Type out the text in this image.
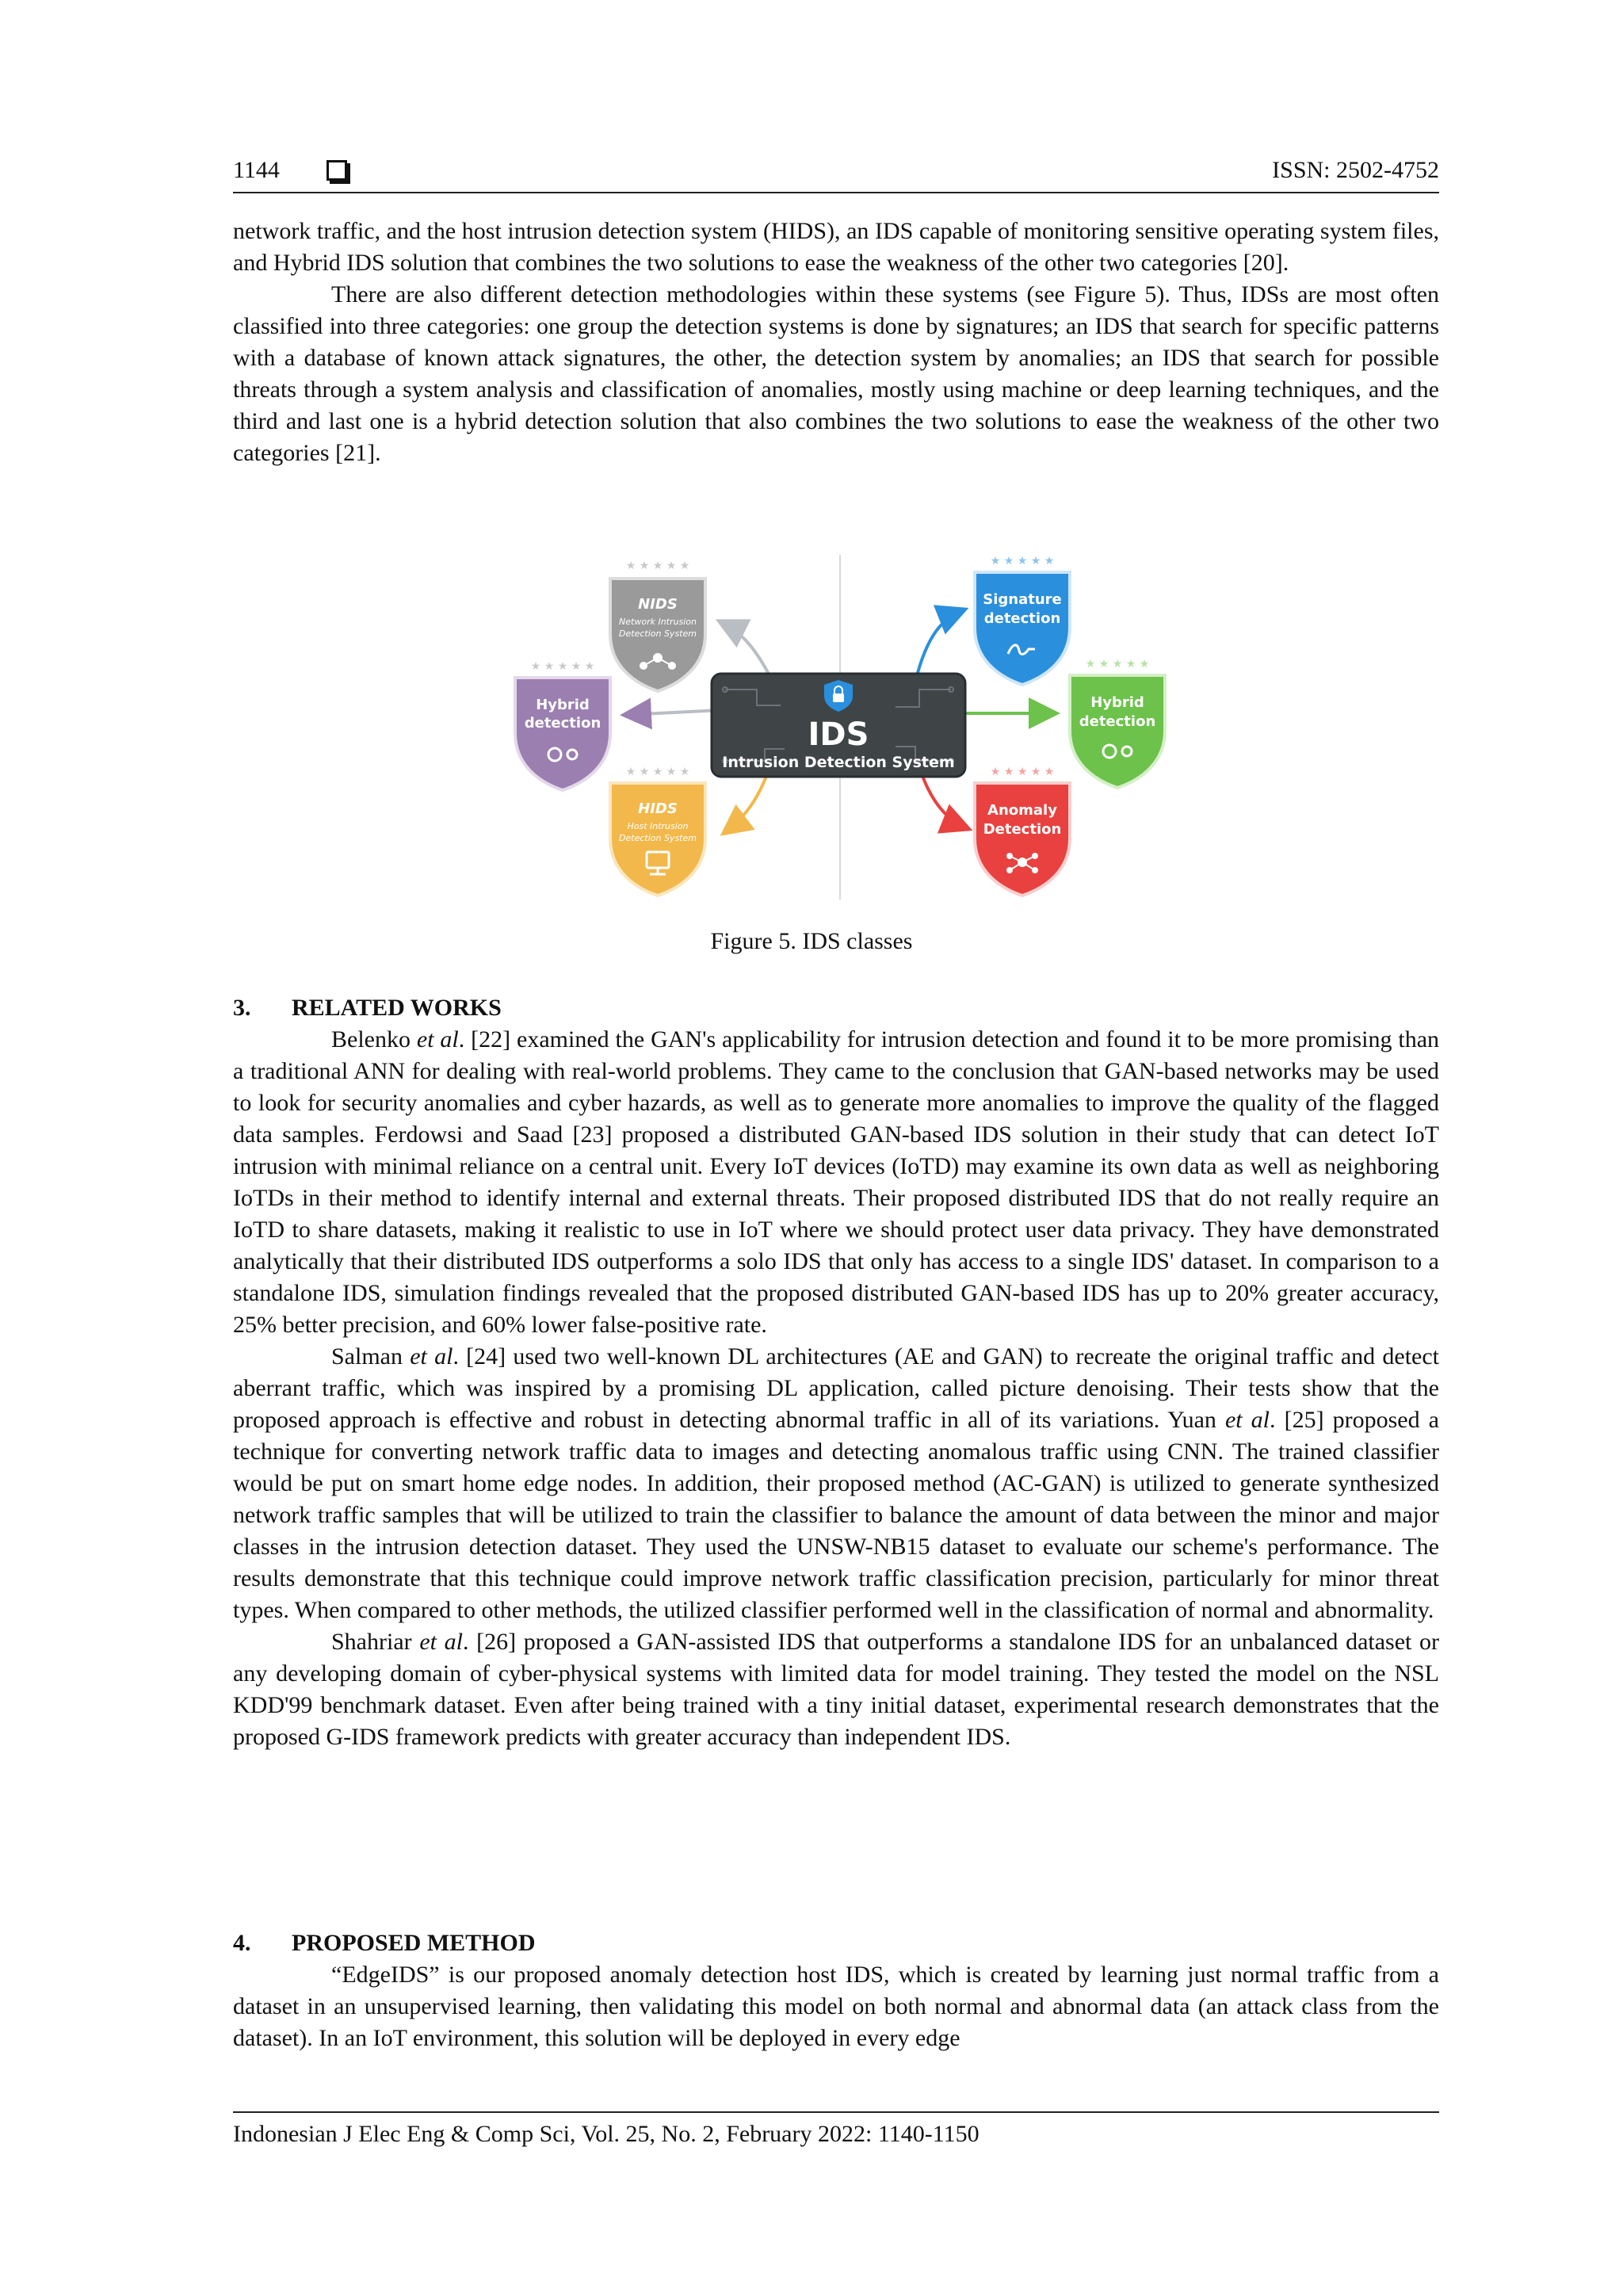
1144	ISSN: 2502-4752

network traffic, and the host intrusion detection system (HIDS), an IDS capable of monitoring sensitive operating system files, and Hybrid IDS solution that combines the two solutions to ease the weakness of the other two categories [20].

There are also different detection methodologies within these systems (see Figure 5). Thus, IDSs are most often classified into three categories: one group the detection systems is done by signatures; an IDS that search for specific patterns with a database of known attack signatures, the other, the detection system by anomalies; an IDS that search for possible threats through a system analysis and classification of anomalies, mostly using machine or deep learning techniques, and the third and last one is a hybrid detection solution that also combines the two solutions to ease the weakness of the other two categories [21].

IDS
Intrusion Detection System
★ ★ ★ ★ ★
NIDS
Network Intrusion
Detection System
★ ★ ★ ★ ★
Hybrid
detection
★ ★ ★ ★ ★
HIDS
Host Intrusion
Detection System
★ ★ ★ ★ ★
Signature
detection
★ ★ ★ ★ ★
Hybrid
detection
★ ★ ★ ★ ★
Anomaly
Detection
Figure 5. IDS classes
3. RELATED WORKS

Belenko et al. [22] examined the GAN's applicability for intrusion detection and found it to be more promising than a traditional ANN for dealing with real-world problems. They came to the conclusion that GAN-based networks may be used to look for security anomalies and cyber hazards, as well as to generate more anomalies to improve the quality of the flagged data samples. Ferdowsi and Saad [23] proposed a distributed GAN-based IDS solution in their study that can detect IoT intrusion with minimal reliance on a central unit. Every IoT devices (IoTD) may examine its own data as well as neighboring IoTDs in their method to identify internal and external threats. Their proposed distributed IDS that do not really require an IoTD to share datasets, making it realistic to use in IoT where we should protect user data privacy. They have demonstrated analytically that their distributed IDS outperforms a solo IDS that only has access to a single IDS' dataset. In comparison to a standalone IDS, simulation findings revealed that the proposed distributed GAN-based IDS has up to 20% greater accuracy, 25% better precision, and 60% lower false-positive rate.

Salman et al. [24] used two well-known DL architectures (AE and GAN) to recreate the original traffic and detect aberrant traffic, which was inspired by a promising DL application, called picture denoising. Their tests show that the proposed approach is effective and robust in detecting abnormal traffic in all of its variations. Yuan et al. [25] proposed a technique for converting network traffic data to images and detecting anomalous traffic using CNN. The trained classifier would be put on smart home edge nodes. In addition, their proposed method (AC-GAN) is utilized to generate synthesized network traffic samples that will be utilized to train the classifier to balance the amount of data between the minor and major classes in the intrusion detection dataset. They used the UNSW-NB15 dataset to evaluate our scheme's performance. The results demonstrate that this technique could improve network traffic classification precision, particularly for minor threat types. When compared to other methods, the utilized classifier performed well in the classification of normal and abnormality.

Shahriar et al. [26] proposed a GAN-assisted IDS that outperforms a standalone IDS for an unbalanced dataset or any developing domain of cyber-physical systems with limited data for model training. They tested the model on the NSL KDD'99 benchmark dataset. Even after being trained with a tiny initial dataset, experimental research demonstrates that the proposed G-IDS framework predicts with greater accuracy than independent IDS.

4. PROPOSED METHOD

“EdgeIDS” is our proposed anomaly detection host IDS, which is created by learning just normal traffic from a dataset in an unsupervised learning, then validating this model on both normal and abnormal data (an attack class from the dataset). In an IoT environment, this solution will be deployed in every edge

Indonesian J Elec Eng & Comp Sci, Vol. 25, No. 2, February 2022: 1140-1150
